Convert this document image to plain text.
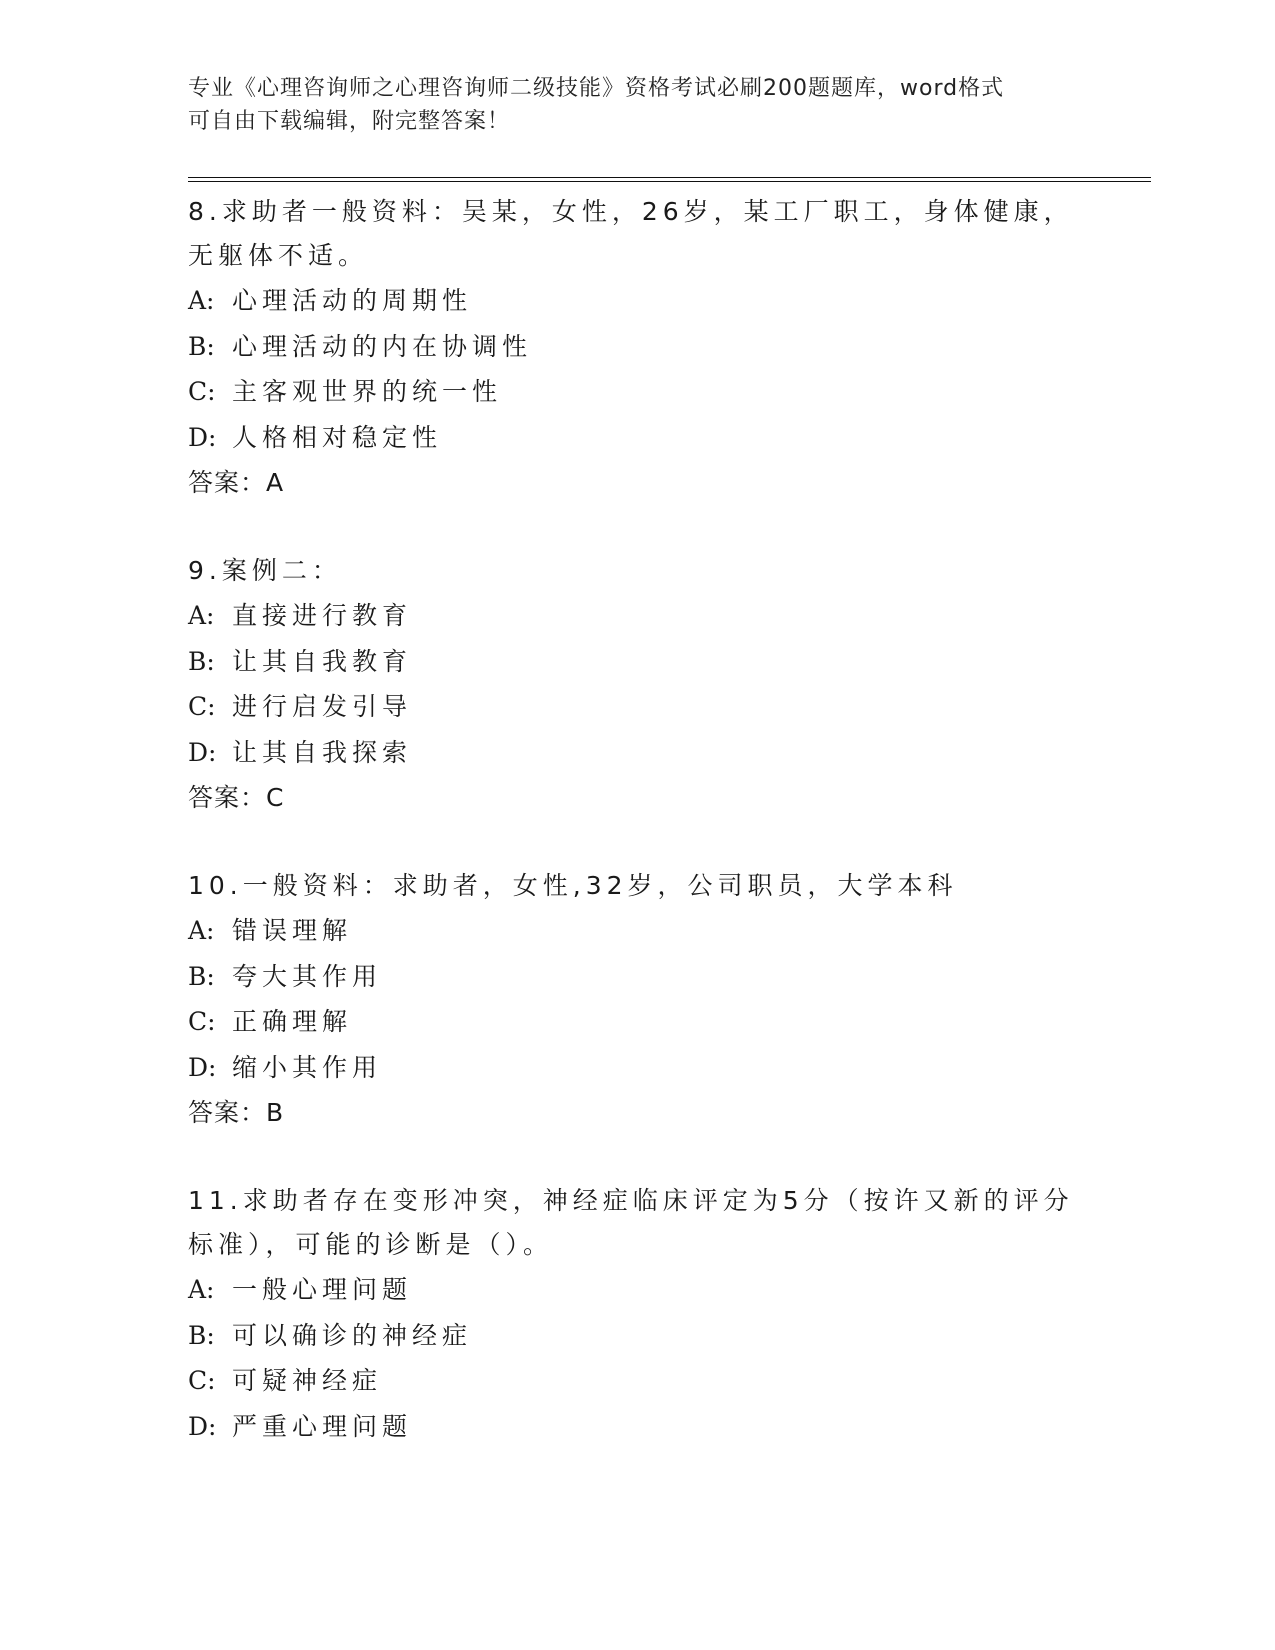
专业《心理咨询师之心理咨询师二级技能》资格考试必刷200题题库，word格式
可自由下载编辑，附完整答案！

8.求助者一般资料：吴某，女性，26岁，某工厂职工，身体健康，无躯体不适。

A: 心理活动的周期性

B: 心理活动的内在协调性

C: 主客观世界的统一性

D: 人格相对稳定性

答案：A

9.案例二：

A: 直接进行教育

B: 让其自我教育

C: 进行启发引导

D: 让其自我探索

答案：C

10.一般资料：求助者，女性,32岁，公司职员，大学本科

A: 错误理解

B: 夸大其作用

C: 正确理解

D: 缩小其作用

答案：B

11.求助者存在变形冲突，神经症临床评定为5分（按许又新的评分标准），可能的诊断是（）。

A: 一般心理问题

B: 可以确诊的神经症

C: 可疑神经症

D: 严重心理问题
